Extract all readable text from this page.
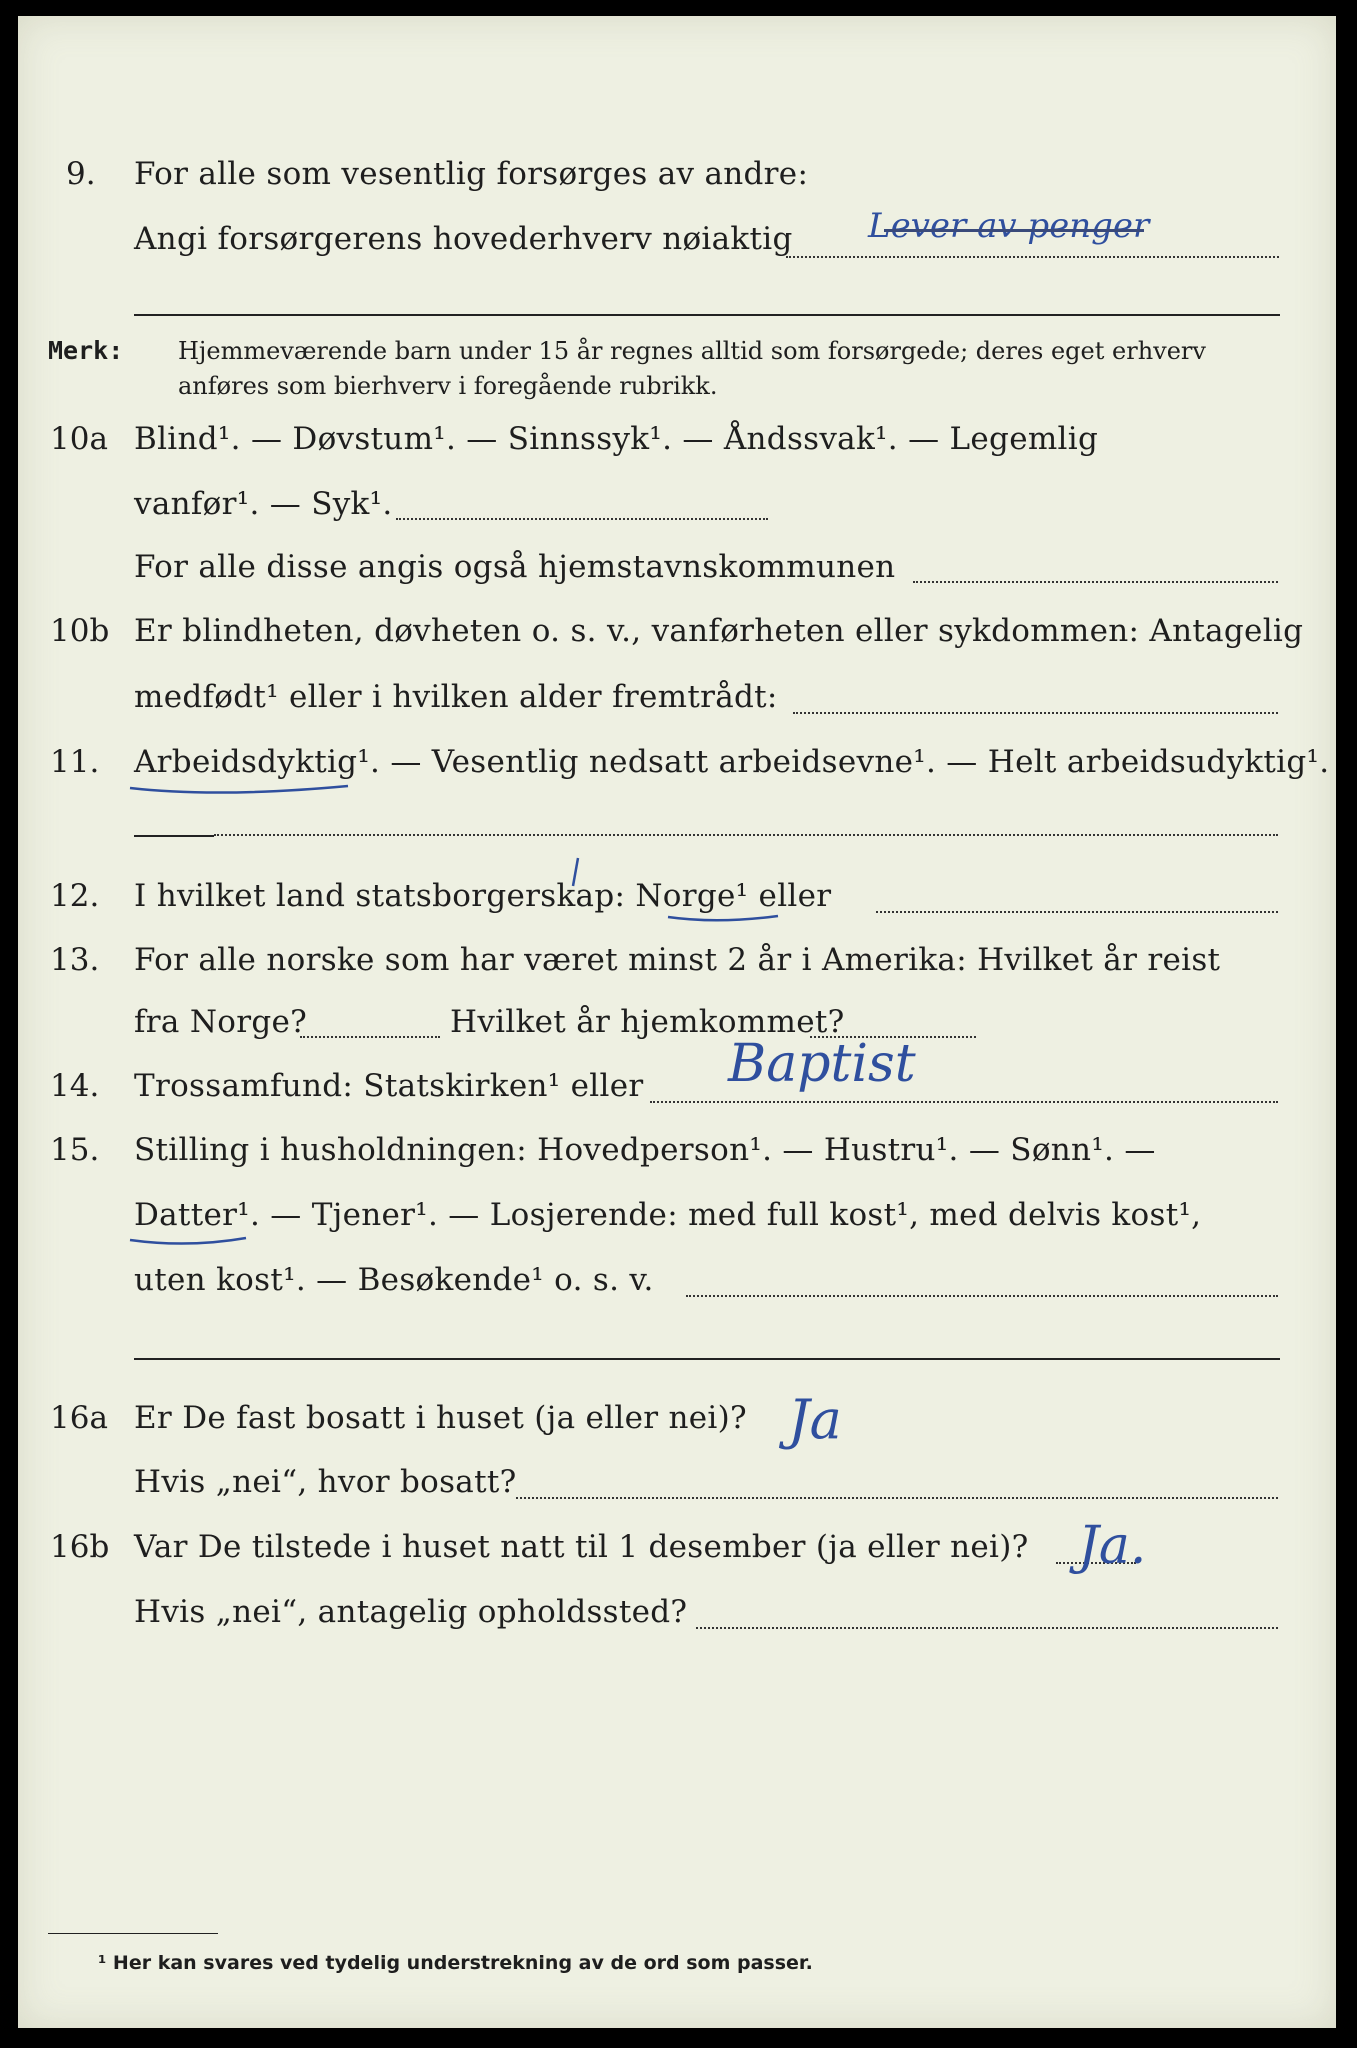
9. For alle som vesentlig forsørges av andre:
Angi forsørgerens hovederhverv nøiaktig Lever av penger
Merk: Hjemmeværende barn under 15 år regnes alltid som forsørgede; deres eget erhverv
anføres som bierhverv i foregående rubrikk.
10a Blind¹. — Døvstum¹. — Sinnssyk¹. — Åndssvak¹. — Legemlig
vanfør¹. — Syk¹.
For alle disse angis også hjemstavnskommunen
10b Er blindheten, døvheten o. s. v., vanførheten eller sykdommen: Antagelig
medfødt¹ eller i hvilken alder fremtrådt:
11. Arbeidsdyktig¹. — Vesentlig nedsatt arbeidsevne¹. — Helt arbeidsudyktig¹.
12. I hvilket land statsborgerskap: Norge¹ eller
13. For alle norske som har været minst 2 år i Amerika: Hvilket år reist
fra Norge?	Hvilket år hjemkommet?
14. Trossamfund: Statskirken¹ eller Baptist
15. Stilling i husholdningen: Hovedperson¹. — Hustru¹. — Sønn¹. —
Datter¹. — Tjener¹. — Losjerende: med full kost¹, med delvis kost¹,
uten kost¹. — Besøkende¹ o. s. v.
16a Er De fast bosatt i huset (ja eller nei)? Ja
Hvis „nei“, hvor bosatt?
16b Var De tilstede i huset natt til 1 desember (ja eller nei)? Ja.
Hvis „nei“, antagelig opholdssted?
¹ Her kan svares ved tydelig understrekning av de ord som passer.
